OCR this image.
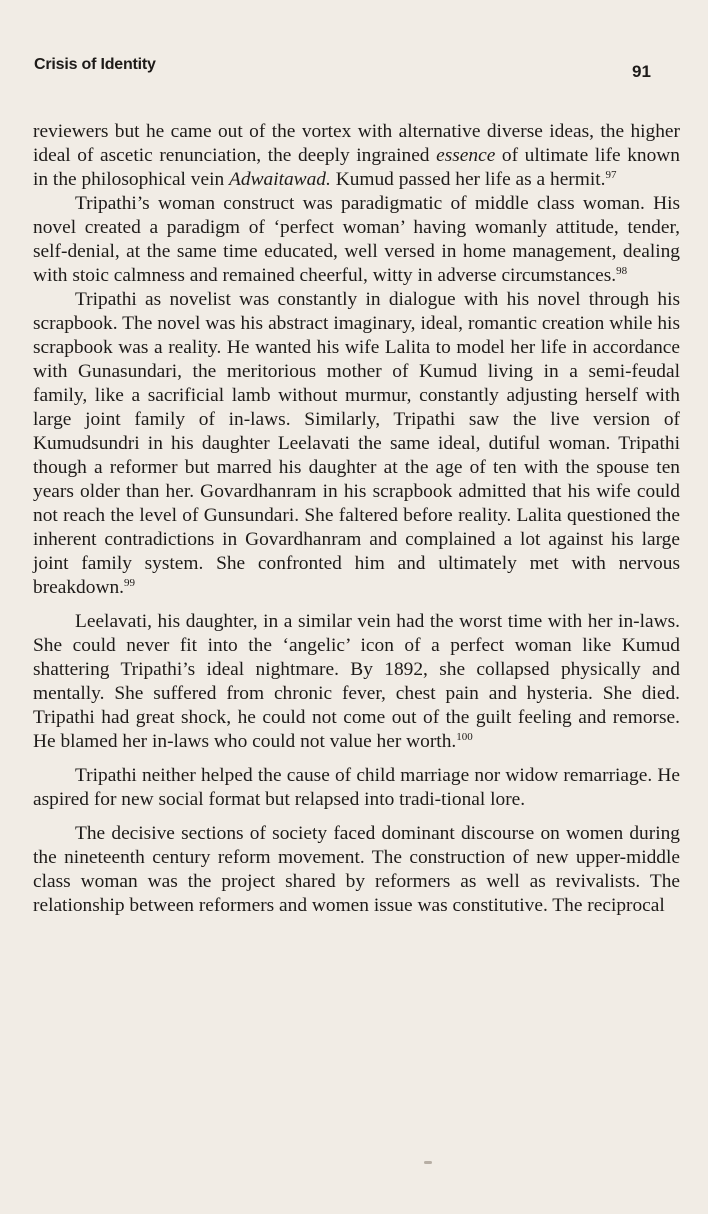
Crisis of Identity	91

reviewers but he came out of the vortex with alternative diverse ideas, the higher ideal of ascetic renunciation, the deeply ingrained essence of ultimate life known in the philosophical vein Adwaitawad. Kumud passed her life as a hermit.$^{97}$

Tripathi’s woman construct was paradigmatic of middle class woman. His novel created a paradigm of ‘perfect woman’ having womanly attitude, tender, self-denial, at the same time educated, well versed in home management, dealing with stoic calmness and remained cheerful, witty in adverse circumstances.$^{98}$

Tripathi as novelist was constantly in dialogue with his novel through his scrapbook. The novel was his abstract imaginary, ideal, romantic creation while his scrapbook was a reality. He wanted his wife Lalita to model her life in accordance with Gunasundari, the meritorious mother of Kumud living in a semi-feudal family, like a sacrificial lamb without murmur, constantly adjusting herself with large joint family of in-laws. Similarly, Tripathi saw the live version of Kumudsundri in his daughter Leelavati the same ideal, dutiful woman. Tripathi though a reformer but marred his daughter at the age of ten with the spouse ten years older than her. Govardhanram in his scrapbook admitted that his wife could not reach the level of Gunsundari. She faltered before reality. Lalita questioned the inherent contradictions in Govardhanram and complained a lot against his large joint family system. She confronted him and ultimately met with nervous breakdown.$^{99}$

Leelavati, his daughter, in a similar vein had the worst time with her in-laws. She could never fit into the ‘angelic’ icon of a perfect woman like Kumud shattering Tripathi’s ideal nightmare. By 1892, she collapsed physically and mentally. She suffered from chronic fever, chest pain and hysteria. She died. Tripathi had great shock, he could not come out of the guilt feeling and remorse. He blamed her in-laws who could not value her worth.$^{100}$

Tripathi neither helped the cause of child marriage nor widow remarriage. He aspired for new social format but relapsed into tradi-tional lore.

The decisive sections of society faced dominant discourse on women during the nineteenth century reform movement. The construction of new upper-middle class woman was the project shared by reformers as well as revivalists. The relationship between reformers and women issue was constitutive. The reciprocal
